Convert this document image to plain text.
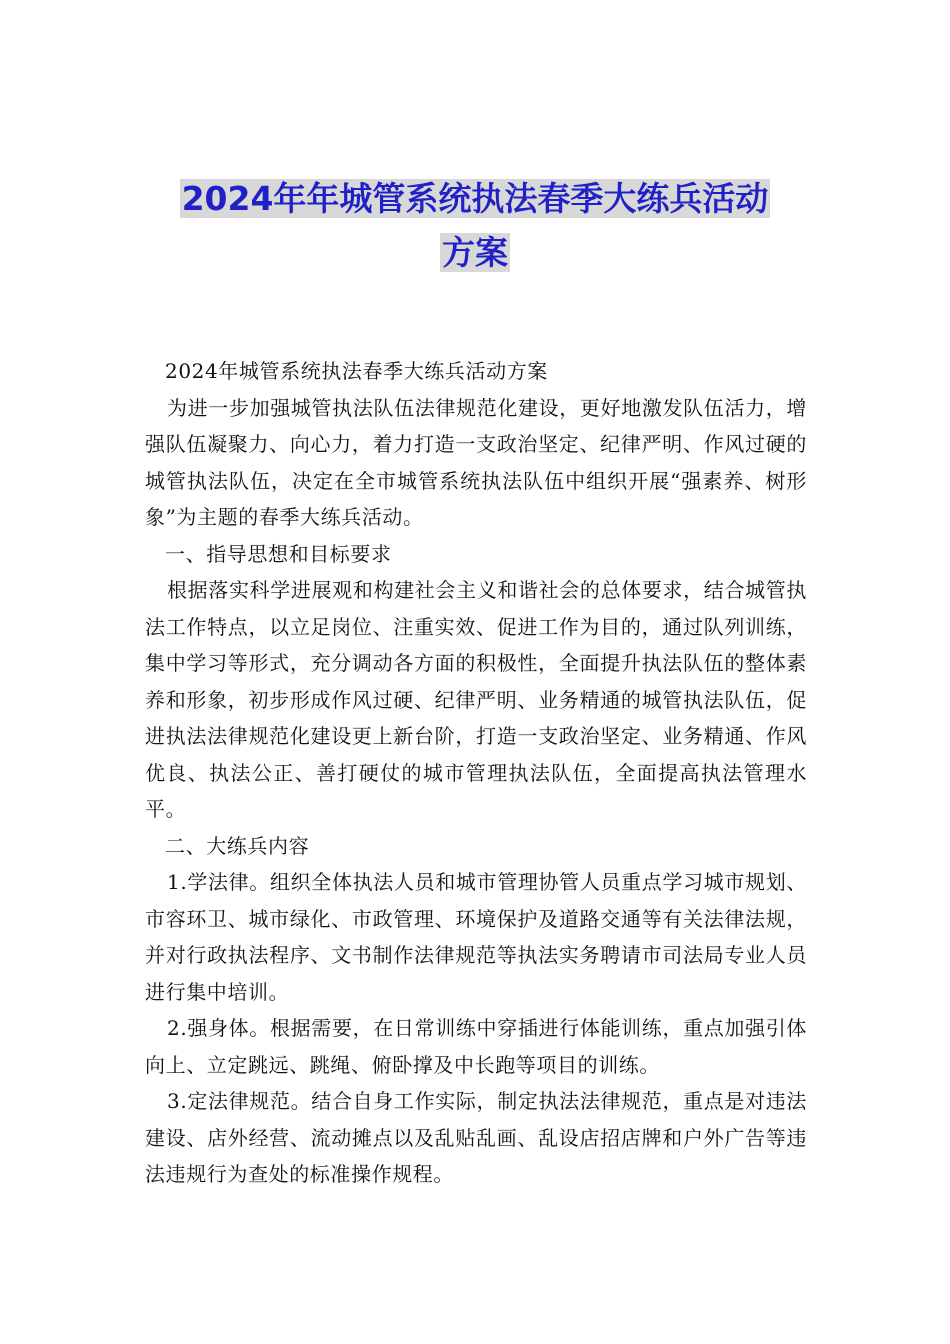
2024年年城管系统执法春季大练兵活动
方案

2024年城管系统执法春季大练兵活动方案

为进一步加强城管执法队伍法律规范化建设，更好地激发队伍活力，增强队伍凝聚力、向心力，着力打造一支政治坚定、纪律严明、作风过硬的城管执法队伍，决定在全市城管系统执法队伍中组织开展“强素养、树形象”为主题的春季大练兵活动。

一、指导思想和目标要求

根据落实科学进展观和构建社会主义和谐社会的总体要求，结合城管执法工作特点，以立足岗位、注重实效、促进工作为目的，通过队列训练，集中学习等形式，充分调动各方面的积极性，全面提升执法队伍的整体素养和形象，初步形成作风过硬、纪律严明、业务精通的城管执法队伍，促进执法法律规范化建设更上新台阶，打造一支政治坚定、业务精通、作风优良、执法公正、善打硬仗的城市管理执法队伍，全面提高执法管理水平。

二、大练兵内容

1.学法律。组织全体执法人员和城市管理协管人员重点学习城市规划、市容环卫、城市绿化、市政管理、环境保护及道路交通等有关法律法规，并对行政执法程序、文书制作法律规范等执法实务聘请市司法局专业人员进行集中培训。

2.强身体。根据需要，在日常训练中穿插进行体能训练，重点加强引体向上、立定跳远、跳绳、俯卧撑及中长跑等项目的训练。

3.定法律规范。结合自身工作实际，制定执法法律规范，重点是对违法建设、店外经营、流动摊点以及乱贴乱画、乱设店招店牌和户外广告等违法违规行为查处的标准操作规程。
